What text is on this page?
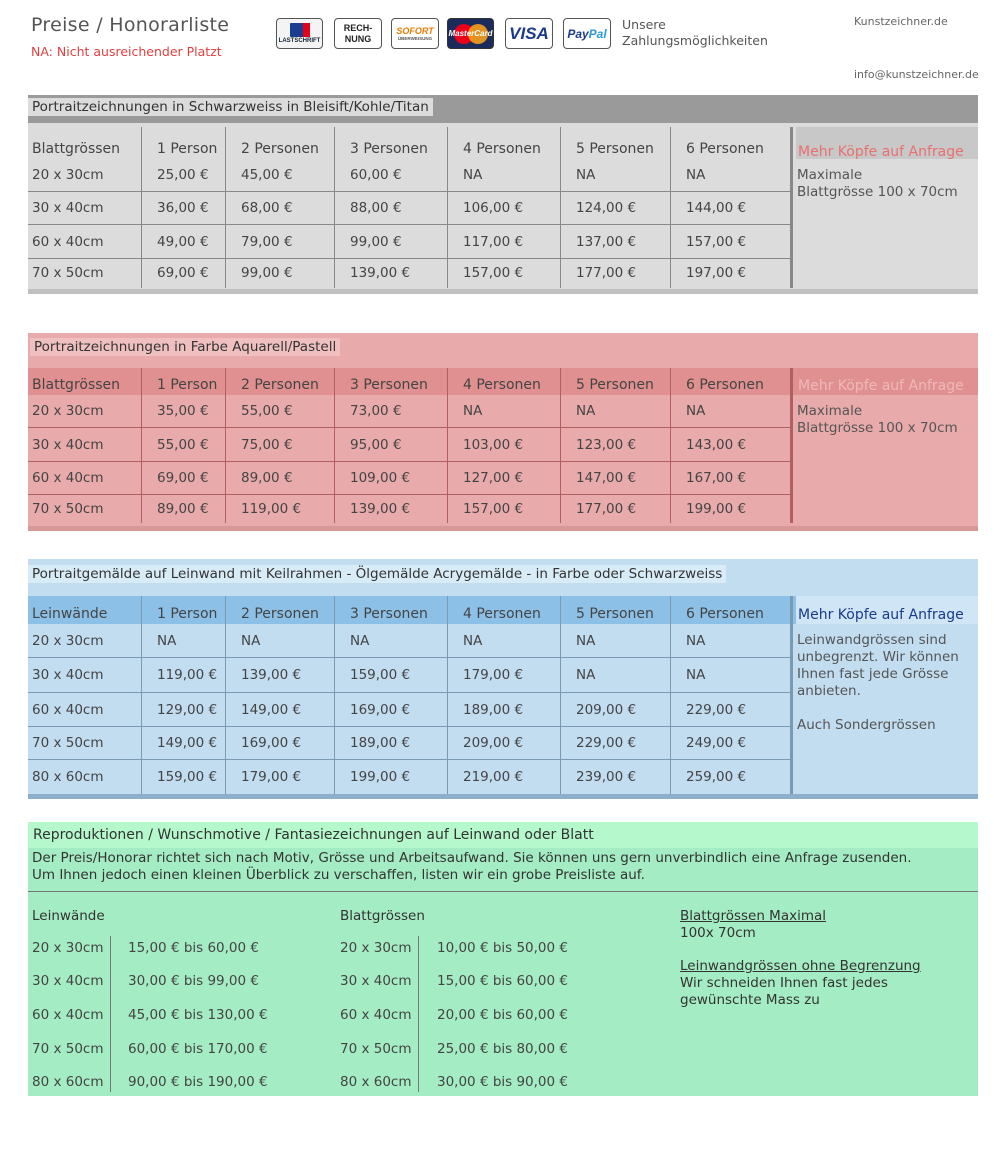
Preise / Honorarliste
NA: Nicht ausreichender Platzt
LASTSCHRIFT
RECH-
NUNG
SOFORT
ÜBERWEISUNG
MasterCard VISA	Pay Pal
Unsere Zahlungsmöglichkeiten
Kunstzeichner.de
info@kunstzeichner.de
Portraitzeichnungen in Schwarzweiss in Bleisift/Kohle/Titan
Blattgrössen	1 Person 2 Personen 3 Personen	4 Personen	5 Personen 6 Personen Mehr Köpfe auf Anfrage
Maximale
Blattgrösse 100 x 70cm
20 x 30cm	25,00 € 45,00 €	60,00 €	NA	NA	NA
30 x 40cm	36,00 € 68,00 €	88,00 €	106,00 €	124,00 €	144,00 €
60 x 40cm	49,00 € 79,00 €	99,00 €	117,00 €	137,00 €	157,00 €
70 x 50cm	69,00 € 99,00 €	139,00 €	157,00 €	177,00 €	197,00 €
Portraitzeichnungen in Farbe Aquarell/Pastell
Blattgrössen	1 Person 2 Personen 3 Personen	4 Personen	5 Personen 6 Personen Mehr Köpfe auf Anfrage
Maximale
Blattgrösse 100 x 70cm
20 x 30cm	35,00 € 55,00 €	73,00 €	NA	NA	NA
30 x 40cm	55,00 € 75,00 €	95,00 €	103,00 €	123,00 €	143,00 €
60 x 40cm	69,00 € 89,00 €	109,00 €	127,00 €	147,00 €	167,00 €
70 x 50cm	89,00 € 119,00 €	139,00 €	157,00 €	177,00 €	199,00 €
Portraitgemälde auf Leinwand mit Keilrahmen - Ölgemälde Acrygemälde - in Farbe oder Schwarzweiss
Leinwände	1 Person 2 Personen 3 Personen	4 Personen	5 Personen 6 Personen Mehr Köpfe auf Anfrage
Leinwandgrössen sind
unbegrenzt. Wir können
Ihnen fast jede Grösse
anbieten.

Auch Sondergrössen
20 x 30cm	NA	NA	NA	NA	NA	NA
30 x 40cm	119,00 € 139,00 €	159,00 €	179,00 €	NA	NA
60 x 40cm	129,00 € 149,00 €	169,00 €	189,00 €	209,00 €	229,00 €
70 x 50cm	149,00 € 169,00 €	189,00 €	209,00 €	229,00 €	249,00 €
80 x 60cm	159,00 € 179,00 €	199,00 €	219,00 €	239,00 €	259,00 €
Reproduktionen / Wunschmotive / Fantasiezeichnungen auf Leinwand oder Blatt
Der Preis/Honorar richtet sich nach Motiv, Grösse und Arbeitsaufwand. Sie können uns gern unverbindlich eine Anfrage zusenden.
Um Ihnen jedoch einen kleinen Überblick zu verschaffen, listen wir ein grobe Preisliste auf.
Leinwände	Blattgrössen	Blattgrössen Maximal
100x 70cm
Leinwandgrössen ohne Begrenzung
Wir schneiden Ihnen fast jedes
gewünschte Mass zu
20 x 30cm 15,00 € bis 60,00 €
30 x 40cm 30,00 € bis 99,00 €
60 x 40cm 45,00 € bis 130,00 €
70 x 50cm 60,00 € bis 170,00 €
80 x 60cm 90,00 € bis 190,00 €
20 x 30cm 10,00 € bis 50,00 €
30 x 40cm 15,00 € bis 60,00 €
60 x 40cm 20,00 € bis 60,00 €
70 x 50cm 25,00 € bis 80,00 €
80 x 60cm 30,00 € bis 90,00 €
